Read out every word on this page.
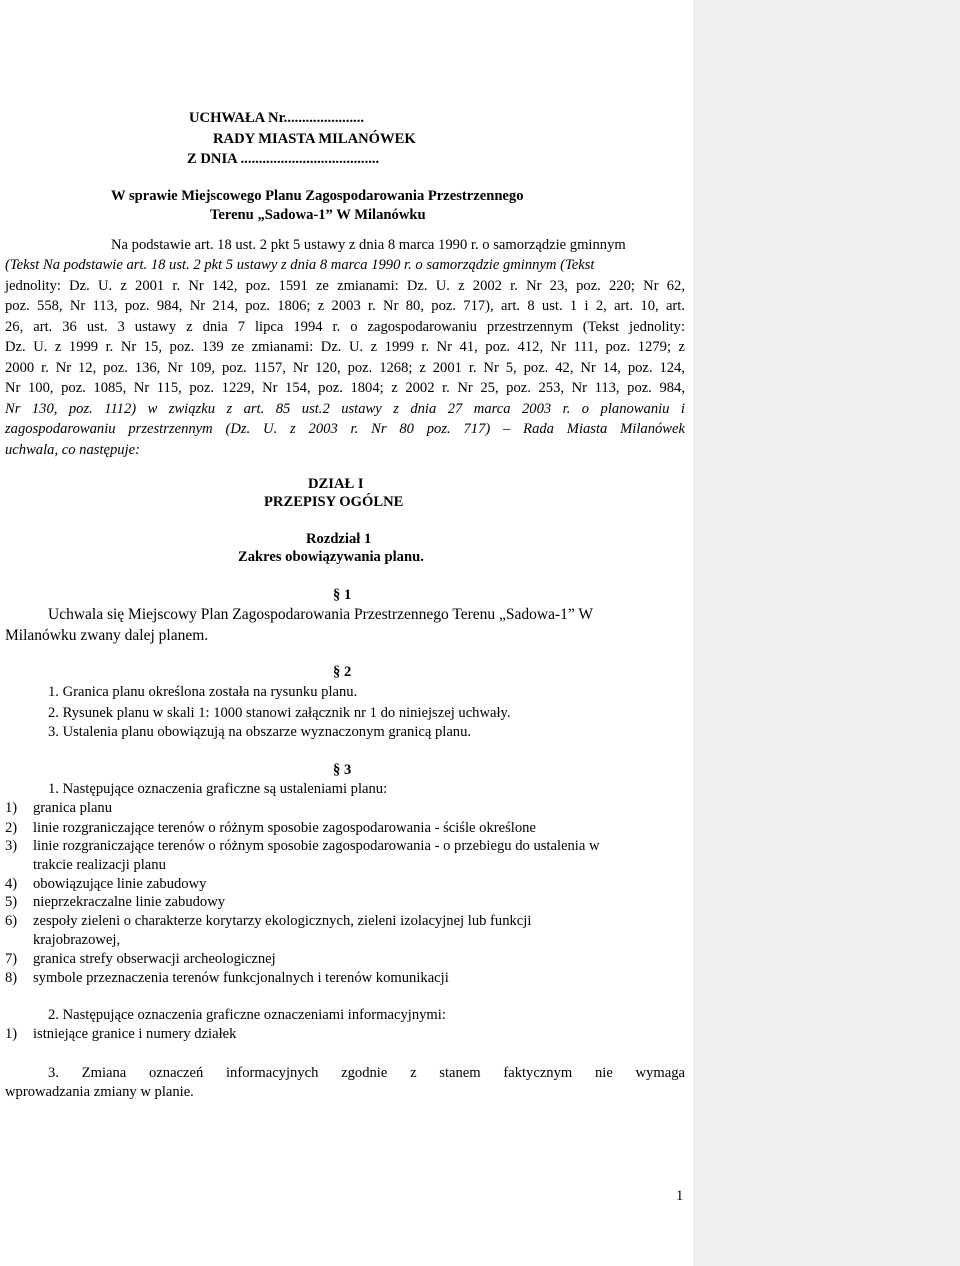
UCHWAŁA Nr......................
RADY MIASTA MILANÓWEK
Z DNIA ......................................
W sprawie Miejscowego Planu Zagospodarowania Przestrzennego
Terenu „Sadowa-1” W Milanówku
Na podstawie art. 18 ust. 2 pkt 5 ustawy z dnia 8 marca 1990 r. o samorządzie gminnym
(Tekst Na podstawie art. 18 ust. 2 pkt 5 ustawy z dnia 8 marca 1990 r. o samorządzie gminnym (Tekst
jednolity: Dz. U. z 2001 r. Nr 142, poz. 1591 ze zmianami: Dz. U. z 2002 r. Nr 23, poz. 220; Nr 62,
poz. 558, Nr 113, poz. 984, Nr 214, poz. 1806; z 2003 r. Nr 80, poz. 717), art. 8 ust. 1 i 2, art. 10, art.
26, art. 36 ust. 3 ustawy z dnia 7 lipca 1994 r. o zagospodarowaniu przestrzennym (Tekst jednolity:
Dz. U. z 1999 r. Nr 15, poz. 139 ze zmianami: Dz. U. z 1999 r. Nr 41, poz. 412, Nr 111, poz. 1279; z
2000 r. Nr 12, poz. 136, Nr 109, poz. 1157, Nr 120, poz. 1268; z 2001 r. Nr 5, poz. 42, Nr 14, poz. 124,
Nr 100, poz. 1085, Nr 115, poz. 1229, Nr 154, poz. 1804; z 2002 r. Nr 25, poz. 253, Nr 113, poz. 984,
Nr 130, poz. 1112) w związku z art. 85 ust.2 ustawy z dnia 27 marca 2003 r. o planowaniu i
zagospodarowaniu przestrzennym (Dz. U. z 2003 r. Nr 80 poz. 717) – Rada Miasta Milanówek
uchwala, co następuje:
DZIAŁ I
PRZEPISY OGÓLNE
Rozdział 1
Zakres obowiązywania planu.
§ 1
Uchwala się Miejscowy Plan Zagospodarowania Przestrzennego Terenu „Sadowa-1” W
Milanówku zwany dalej planem.
§ 2
1. Granica planu określona została na rysunku planu.
2. Rysunek planu w skali 1: 1000 stanowi załącznik nr 1 do niniejszej uchwały.
3. Ustalenia planu obowiązują na obszarze wyznaczonym granicą planu.
§ 3
1. Następujące oznaczenia graficzne są ustaleniami planu:
1) granica planu
2) linie rozgraniczające terenów o różnym sposobie zagospodarowania - ściśle określone
3) linie rozgraniczające terenów o różnym sposobie zagospodarowania - o przebiegu do ustalenia w
trakcie realizacji planu
4) obowiązujące linie zabudowy
5) nieprzekraczalne linie zabudowy
6) zespoły zieleni o charakterze korytarzy ekologicznych, zieleni izolacyjnej lub funkcji
krajobrazowej,
7) granica strefy obserwacji archeologicznej
8) symbole przeznaczenia terenów funkcjonalnych i terenów komunikacji
2. Następujące oznaczenia graficzne oznaczeniami informacyjnymi:
1) istniejące granice i numery działek
3. Zmiana oznaczeń informacyjnych zgodnie z stanem faktycznym nie wymaga
wprowadzania zmiany w planie.
1
